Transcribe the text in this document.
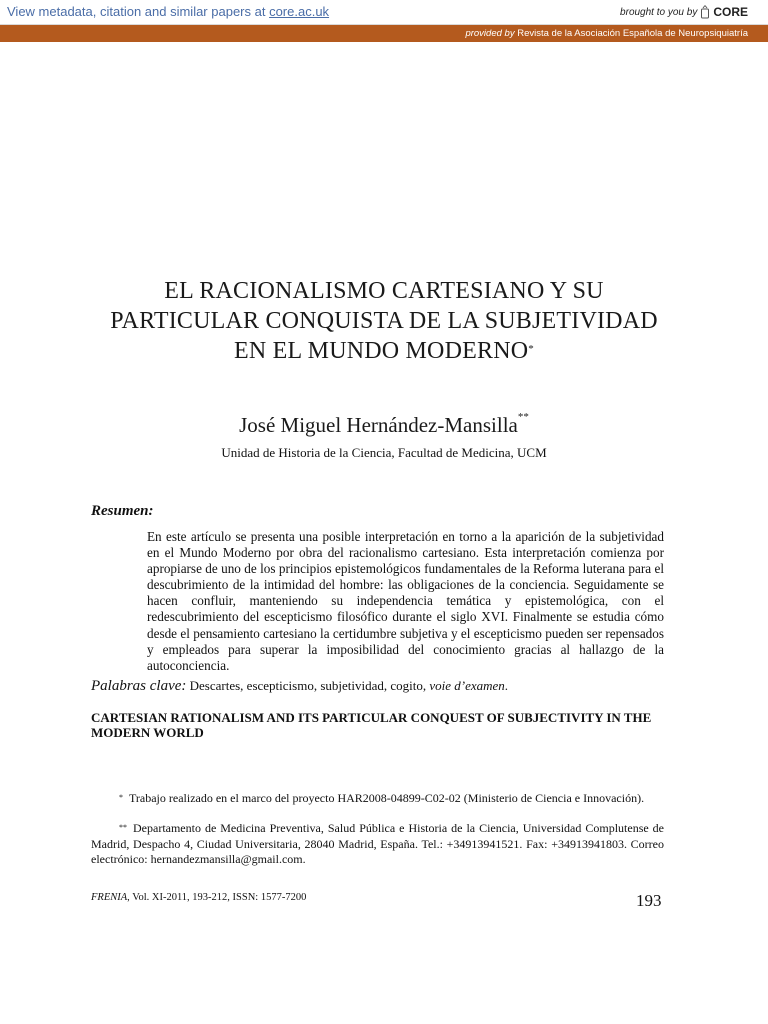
View metadata, citation and similar papers at core.ac.uk	brought to you by CORE
provided by Revista de la Asociación Española de Neuropsiquiatría
EL RACIONALISMO CARTESIANO Y SU
PARTICULAR CONQUISTA DE LA SUBJETIVIDAD
EN EL MUNDO MODERNO*
José Miguel Hernández-Mansilla**
Unidad de Historia de la Ciencia, Facultad de Medicina, UCM
Resumen:

En este artículo se presenta una posible interpretación en torno a la aparición de la subjetividad en el Mundo Moderno por obra del racionalismo cartesiano. Esta interpretación comienza por apropiarse de uno de los principios epistemológicos fundamentales de la Reforma luterana para el descubrimiento de la intimidad del hombre: las obligaciones de la conciencia. Seguidamente se hacen confluir, manteniendo su independencia temática y epistemológica, con el redescubrimiento del escepticismo filosófico durante el siglo XVI. Finalmente se estudia cómo desde el pensamiento cartesiano la certidumbre subjetiva y el escepticismo pueden ser repensados y empleados para superar la imposibilidad del conocimiento gracias al hallazgo de la autoconciencia.

Palabras clave: Descartes, escepticismo, subjetividad, cogito, voie d’examen.
CARTESIAN RATIONALISM AND ITS PARTICULAR CONQUEST OF SUBJECTIVITY IN THE MODERN WORLD

* Trabajo realizado en el marco del proyecto HAR2008-04899-C02-02 (Ministerio de Ciencia e Innovación).

** Departamento de Medicina Preventiva, Salud Pública e Historia de la Ciencia, Universidad Complutense de Madrid, Despacho 4, Ciudad Universitaria, 28040 Madrid, España. Tel.: +34913941521. Fax: +34913941803. Correo electrónico: hernandezmansilla@gmail.com.

FRENIA, Vol. XI-2011, 193-212, ISSN: 1577-7200	193
